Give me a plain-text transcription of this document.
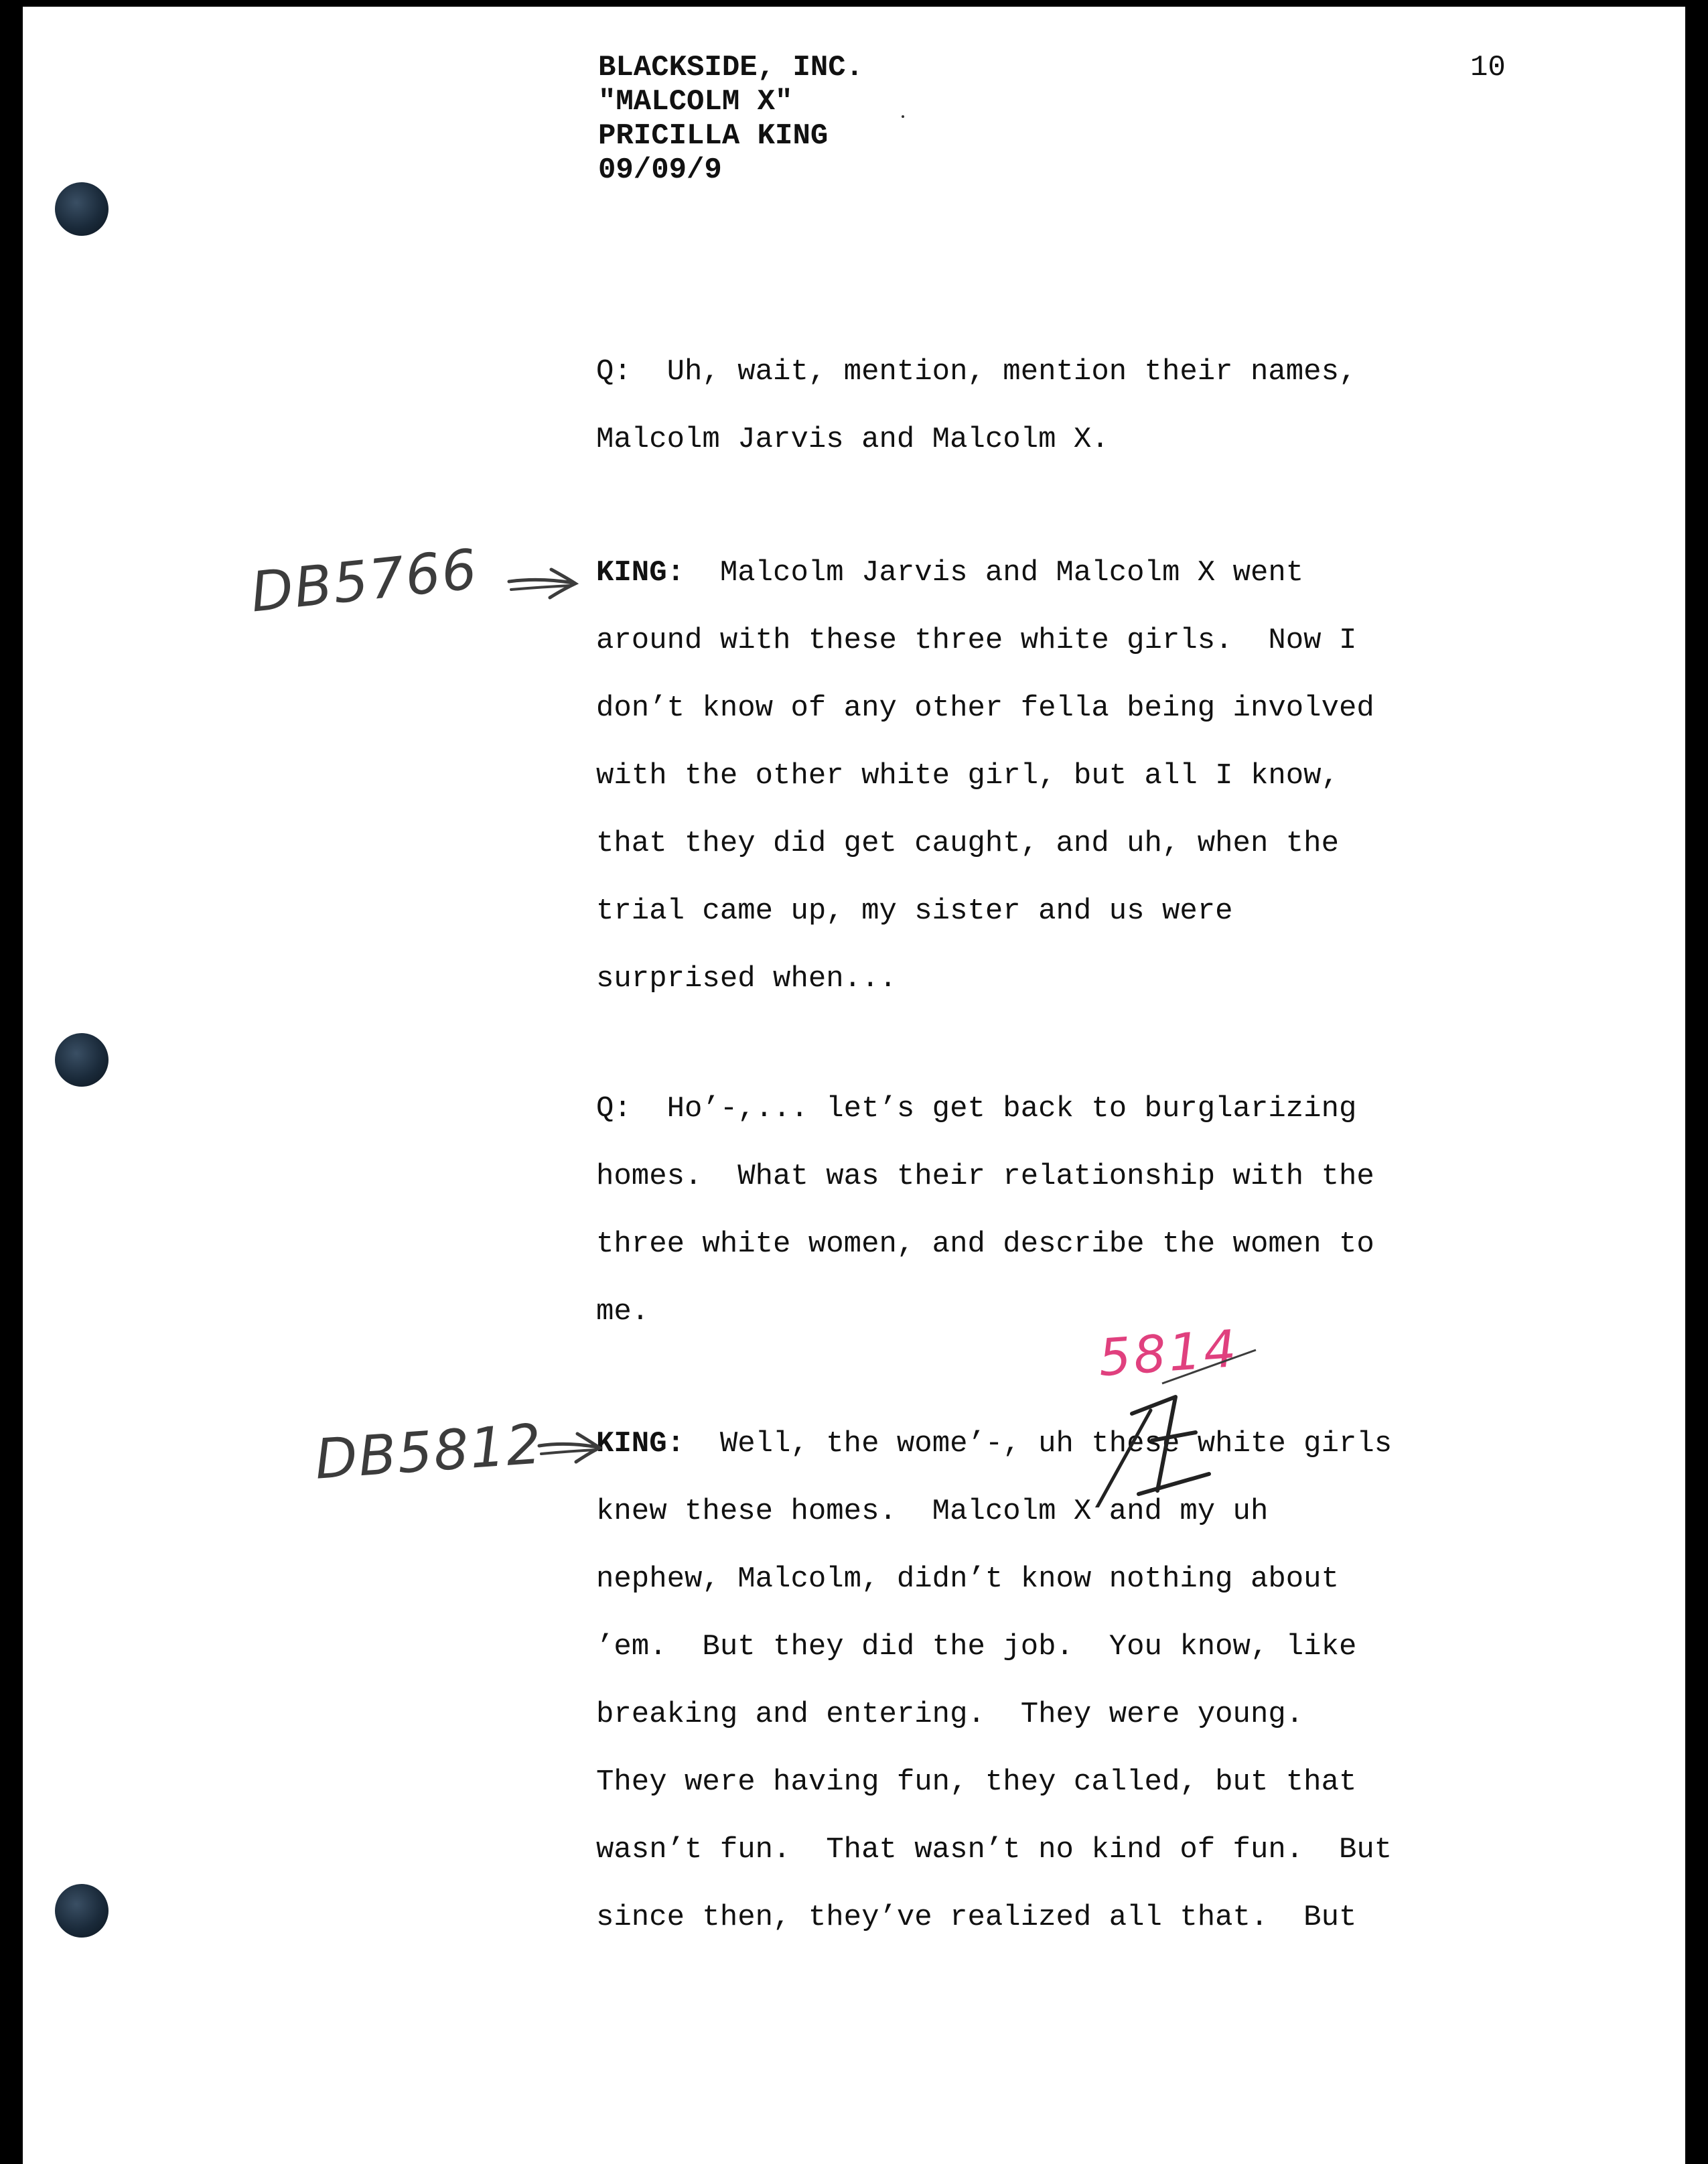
BLACKSIDE, INC.
"MALCOLM X"
PRICILLA KING
09/09/9
10
Q:  Uh, wait, mention, mention their names,
Malcolm Jarvis and Malcolm X.
KING:  Malcolm Jarvis and Malcolm X went
around with these three white girls.  Now I
don’t know of any other fella being involved
with the other white girl, but all I know,
that they did get caught, and uh, when the
trial came up, my sister and us were
surprised when...
Q:  Ho’-,... let’s get back to burglarizing
homes.  What was their relationship with the
three white women, and describe the women to
me.
KING:  Well, the wome’-, uh these white girls
knew these homes.  Malcolm X and my uh
nephew, Malcolm, didn’t know nothing about
’em.  But they did the job.  You know, like
breaking and entering.  They were young.
They were having fun, they called, but that
wasn’t fun.  That wasn’t no kind of fun.  But
since then, they’ve realized all that.  But
DB5766
DB5812
5814
